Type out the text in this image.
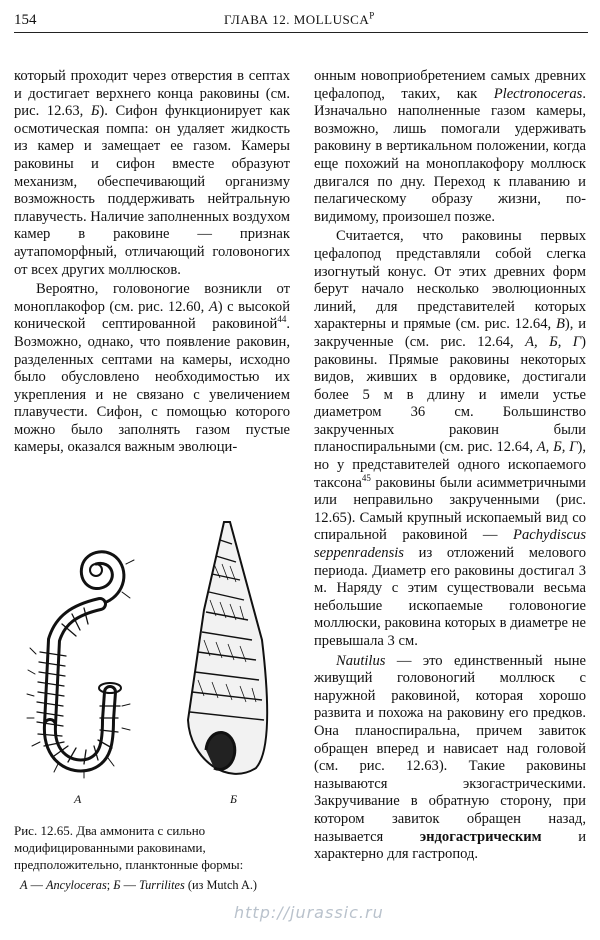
154	ГЛАВА 12. $MOLLUSCA^P$

который проходит через отверстия в септах и достигает верхнего конца раковины (см. рис. 12.63, Б). Сифон функционирует как осмотическая помпа: он удаляет жидкость из камер и замещает ее газом. Камеры раковины и сифон вместе образуют механизм, обеспечивающий организму возможность поддерживать нейтральную плавучесть. Наличие заполненных воздухом камер в раковине — признак аутапоморфный, отличающий головоногих от всех других моллюсков.

Вероятно, головоногие возникли от моноплакофор (см. рис. 12.60, А) с высокой конической септированной раковиной$^{44}$. Возможно, однако, что появление раковин, разделенных септами на камеры, исходно было обусловлено необходимостью их укрепления и не связано с увеличением плавучести. Сифон, с помощью которого можно было заполнять газом пустые камеры, оказался важным эволюци-

онным новоприобретением самых древних цефалопод, таких, как Plectronoceras. Изначально наполненные газом камеры, возможно, лишь помогали удерживать раковину в вертикальном положении, когда еще похожий на моноплакофору моллюск двигался по дну. Переход к плаванию и пелагическому образу жизни, по-видимому, произошел позже.

Считается, что раковины первых цефалопод представляли собой слегка изогнутый конус. От этих древних форм берут начало несколько эволюционных линий, для представителей которых характерны и прямые (см. рис. 12.64, В), и закрученные (см. рис. 12.64, А, Б, Г) раковины. Прямые раковины некоторых видов, живших в ордовике, достигали более 5 м в длину и имели устье диаметром 36 см. Большинство закрученных раковин были планоспиральными (см. рис. 12.64, А, Б, Г), но у представителей одного ископаемого таксона$^{45}$ раковины были асимметричными или неправильно закрученными (рис. 12.65). Самый крупный ископаемый вид со спиральной раковиной — Pachydiscus seppenradensis из отложений мелового периода. Диаметр его раковины достигал 3 м. Наряду с этим существовали весьма небольшие ископаемые головоногие моллюски, раковина которых в диаметре не превышала 3 см.

Nautilus — это единственный ныне живущий головоногий моллюск с наружной раковиной, которая хорошо развита и похожа на раковину его предков. Она планоспиральна, причем завиток обращен вперед и нависает над головой (см. рис. 12.63). Такие раковины называются экзогастрическими. Закручивание в обратную сторону, при котором завиток обращен назад, называется эндогастрическим и характерно для гастропод.

А	Б
Рис. 12.65. Два аммонита с сильно модифицированными раковинами, предположительно, планктонные формы:
А — Ancyloceras; Б — Turrilites (из Mutch A.)
http://jurassic.ru
